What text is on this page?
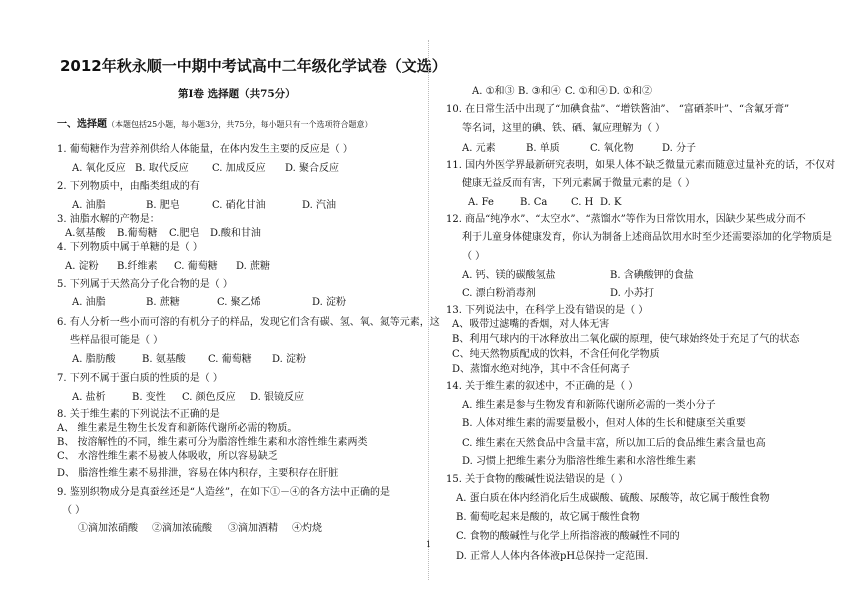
2012年秋永顺一中期中考试高中二年级化学试卷（文选）
第Ⅰ卷 选择题（共75分）
一、选择题（本题包括25小题，每小题3分，共75分，每小题只有一个选项符合题意）
1. 葡萄糖作为营养剂供给人体能量，在体内发生主要的反应是（ ）
A. 氧化反应 B. 取代反应 C. 加成反应 D. 聚合反应
2. 下列物质中，由酯类组成的有
A. 油脂	B. 肥皂	C. 硝化甘油	D. 汽油
3. 油脂水解的产物是：
A.氨基酸 B.葡萄糖 C.肥皂 D.酸和甘油
4. 下列物质中属于单糖的是（ ）
A. 淀粉 B.纤维素 C. 葡萄糖 D. 蔗糖
5. 下列属于天然高分子化合物的是（ ）
A. 油脂	B. 蔗糖	C. 聚乙烯	D. 淀粉
6. 有人分析一些小而可溶的有机分子的样品，发现它们含有碳、氢、氧、氮等元素，这
些样品很可能是（ ）
A. 脂肪酸	B. 氨基酸 C. 葡萄糖 D. 淀粉
7. 下列不属于蛋白质的性质的是（ ）
A. 盐析	B. 变性 C. 颜色反应 D. 银镜反应
8. 关于维生素的下列说法不正确的是
A、 维生素是生物生长发育和新陈代谢所必需的物质。
B、 按溶解性的不同，维生素可分为脂溶性维生素和水溶性维生素两类
C、 水溶性维生素不易被人体吸收，所以容易缺乏
D、 脂溶性维生素不易排泄，容易在体内积存，主要积存在肝脏
9. 鉴别织物成分是真蚕丝还是“人造丝”，在如下①－④的各方法中正确的是
（ ）
①滴加浓硝酸 ②滴加浓硫酸 ③滴加酒精 ④灼烧
1
A. ①和③ B. ③和④ C. ①和④ D. ①和②
10. 在日常生活中出现了“加碘食盐”、“增铁酱油”、 “富硒茶叶”、“含氟牙膏”
等名词，这里的碘、铁、硒、氟应理解为（ ）
A. 元素	B. 单质	C. 氧化物	D. 分子
11. 国内外医学界最新研究表明，如果人体不缺乏微量元素而随意过量补充的话，不仅对
健康无益反而有害，下列元素属于微量元素的是（ ）
A. Fe	B. Ca C. H D. K
12. 商品“纯净水”、“太空水”、“蒸馏水”等作为日常饮用水，因缺少某些成分而不
利于儿童身体健康发育，你认为制备上述商品饮用水时至少还需要添加的化学物质是
（ ）
A. 钙、镁的碳酸氢盐	B. 含碘酸钾的食盐
C. 漂白粉消毒剂	D. 小苏打
13. 下列说法中，在科学上没有错误的是（ ）
A、吸带过滤嘴的香烟，对人体无害
B、利用气球内的干冰释放出二氧化碳的原理，使气球始终处于充足了气的状态
C、纯天然物质配成的饮料，不含任何化学物质
D、蒸馏水绝对纯净，其中不含任何离子
14. 关于维生素的叙述中，不正确的是（ ）
A. 维生素是参与生物发育和新陈代谢所必需的一类小分子
B. 人体对维生素的需要量极小，但对人体的生长和健康至关重要
C. 维生素在天然食品中含量丰富，所以加工后的食品维生素含量也高
D. 习惯上把维生素分为脂溶性维生素和水溶性维生素
15. 关于食物的酸碱性说法错误的是（ ）
A. 蛋白质在体内经消化后生成碳酸、硫酸、尿酸等，故它属于酸性食物
B. 葡萄吃起来是酸的，故它属于酸性食物
C. 食物的酸碱性与化学上所指溶液的酸碱性不同的
D. 正常人人体内各体液pH总保持一定范围.
